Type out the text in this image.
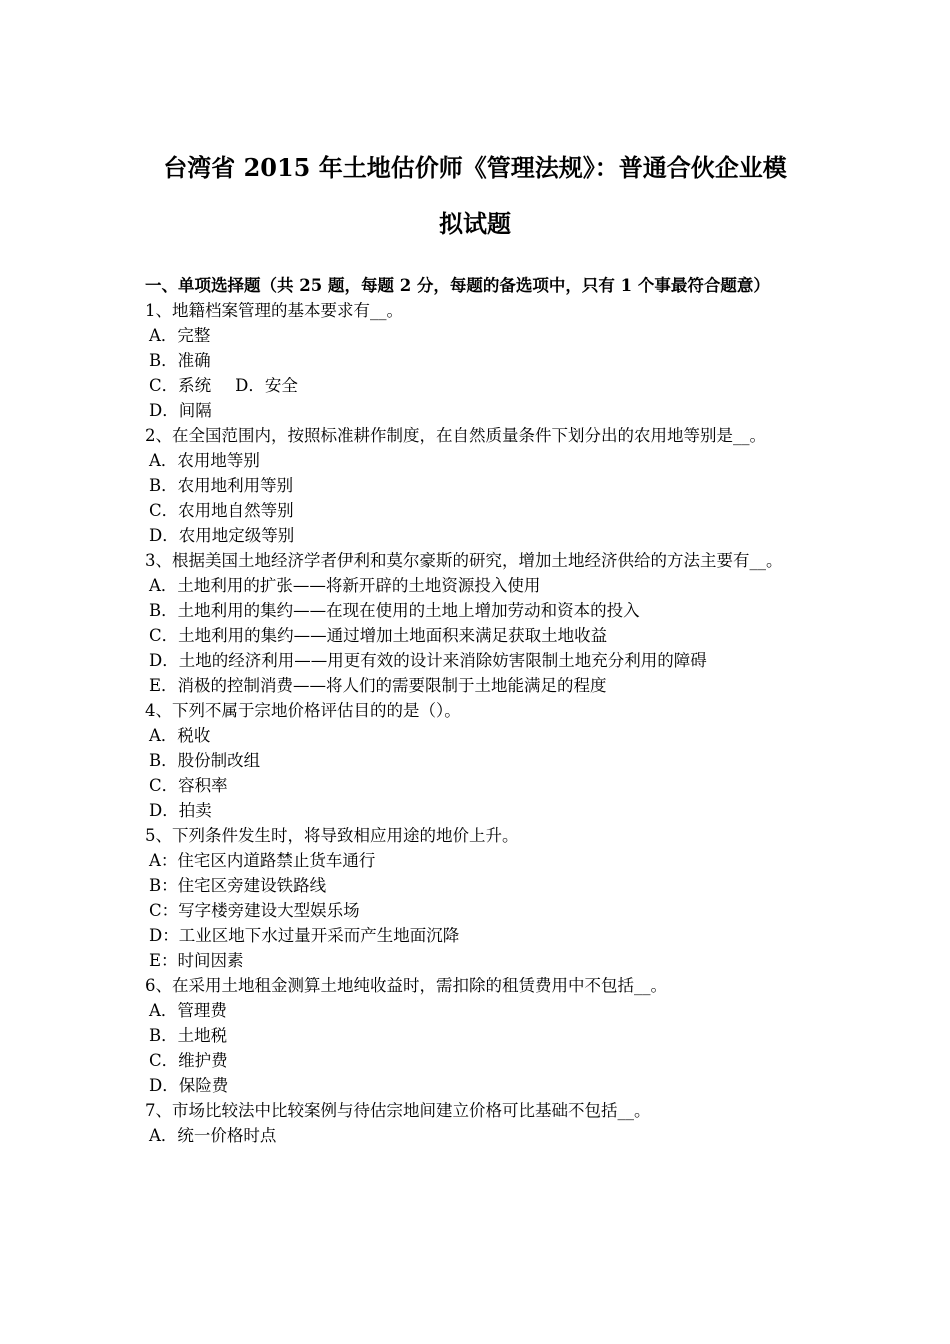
台湾省 2015 年土地估价师《管理法规》：普通合伙企业模
拟试题
一、单项选择题（共 25 题，每题 2 分，每题的备选项中，只有 1 个事最符合题意）
1、地籍档案管理的基本要求有__。
A．完整
B．准确
C．系统 D．安全
D．间隔
2、在全国范围内，按照标准耕作制度，在自然质量条件下划分出的农用地等别是__。
A．农用地等别
B．农用地利用等别
C．农用地自然等别
D．农用地定级等别
3、根据美国土地经济学者伊利和莫尔豪斯的研究，增加土地经济供给的方法主要有__。
A．土地利用的扩张——将新开辟的土地资源投入使用
B．土地利用的集约——在现在使用的土地上增加劳动和资本的投入
C．土地利用的集约——通过增加土地面积来满足获取土地收益
D．土地的经济利用——用更有效的设计来消除妨害限制土地充分利用的障碍
E．消极的控制消费——将人们的需要限制于土地能满足的程度
4、下列不属于宗地价格评估目的的是（）。
A．税收
B．股份制改组
C．容积率
D．拍卖
5、下列条件发生时，将导致相应用途的地价上升。
A：住宅区内道路禁止货车通行
B：住宅区旁建设铁路线
C：写字楼旁建设大型娱乐场
D：工业区地下水过量开采而产生地面沉降
E：时间因素
6、在采用土地租金测算土地纯收益时，需扣除的租赁费用中不包括__。
A．管理费
B．土地税
C．维护费
D．保险费
7、市场比较法中比较案例与待估宗地间建立价格可比基础不包括__。
A．统一价格时点
